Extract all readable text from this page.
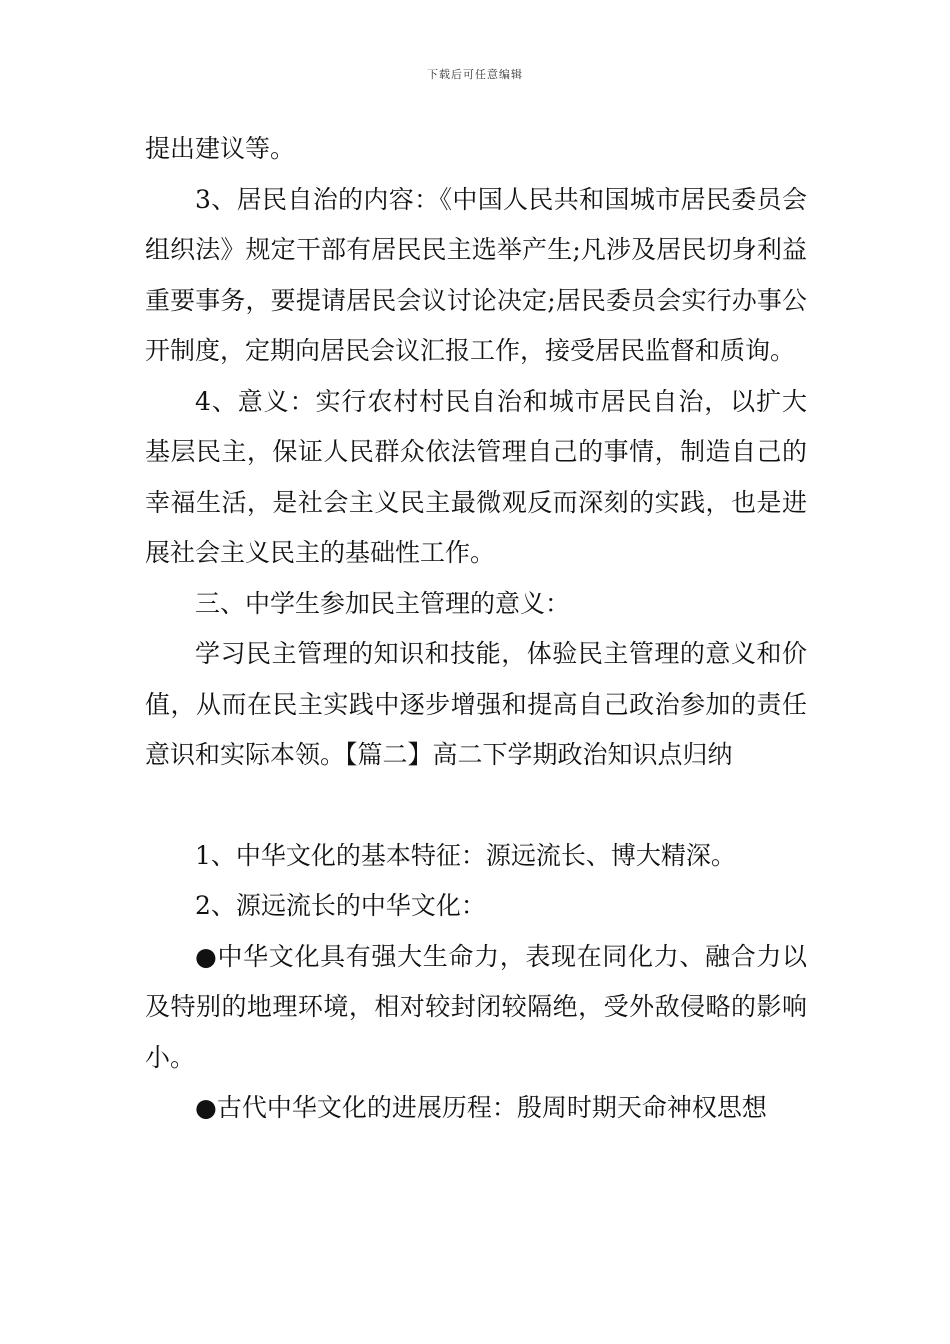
下载后可任意编辑

提出建议等。

3、居民自治的内容：《中国人民共和国城市居民委员会组织法》规定干部有居民民主选举产生;凡涉及居民切身利益重要事务，要提请居民会议讨论决定;居民委员会实行办事公开制度，定期向居民会议汇报工作，接受居民监督和质询。

4、意义：实行农村村民自治和城市居民自治，以扩大基层民主，保证人民群众依法管理自己的事情，制造自己的幸福生活，是社会主义民主最微观反而深刻的实践，也是进展社会主义民主的基础性工作。

三、中学生参加民主管理的意义：

学习民主管理的知识和技能，体验民主管理的意义和价值，从而在民主实践中逐步增强和提高自己政治参加的责任意识和实际本领。【篇二】高二下学期政治知识点归纳

1、中华文化的基本特征：源远流长、博大精深。

2、源远流长的中华文化：

●中华文化具有强大生命力，表现在同化力、融合力以及特别的地理环境，相对较封闭较隔绝，受外敌侵略的影响小。

●古代中华文化的进展历程：殷周时期天命神权思想
